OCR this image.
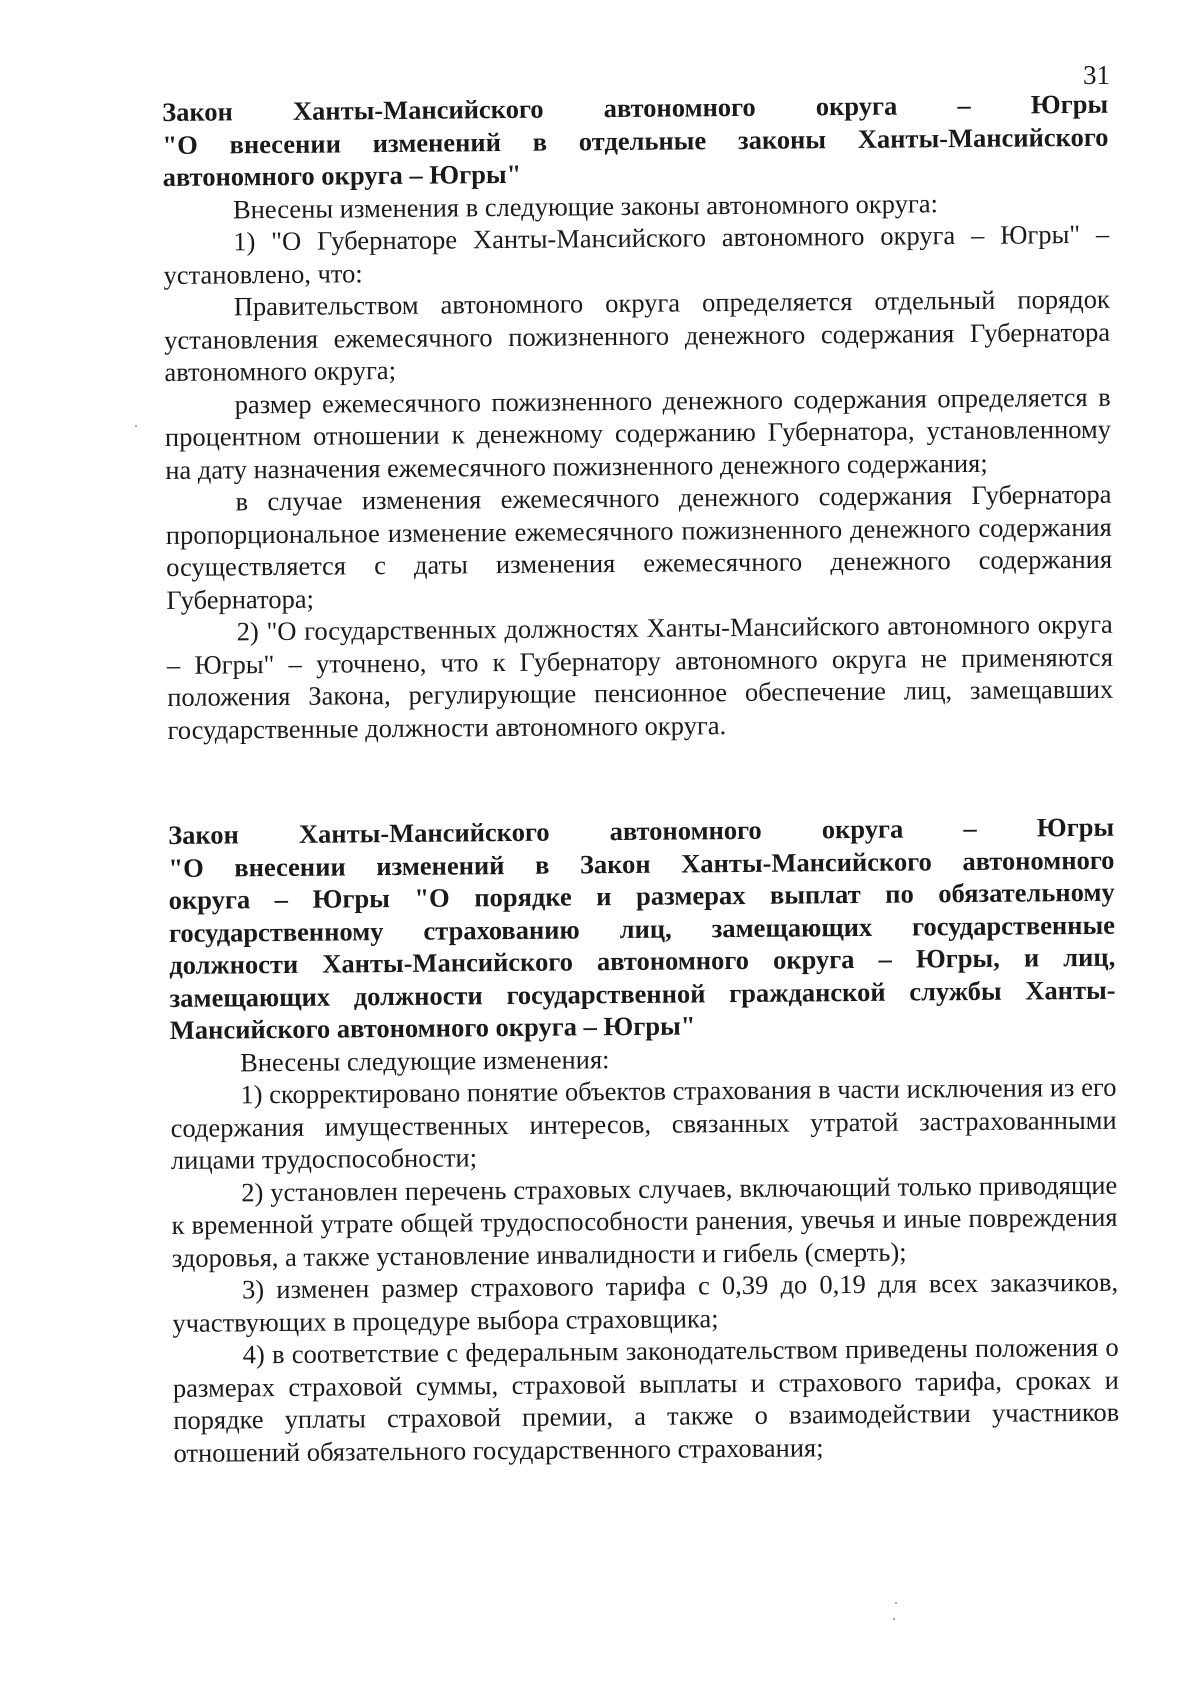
31
Закон Ханты-Мансийского автономного округа – Югры
"О внесении изменений в отдельные законы Ханты-Мансийского
автономного округа – Югры"

Внесены изменения в следующие законы автономного округа:

1) "О Губернаторе Ханты-Мансийского автономного округа – Югры" – установлено, что:

Правительством автономного округа определяется отдельный порядок установления ежемесячного пожизненного денежного содержания Губернатора автономного округа;

размер ежемесячного пожизненного денежного содержания определяется в процентном отношении к денежному содержанию Губернатора, установленному на дату назначения ежемесячного пожизненного денежного содержания;

в случае изменения ежемесячного денежного содержания Губернатора пропорциональное изменение ежемесячного пожизненного денежного содержания осуществляется с даты изменения ежемесячного денежного содержания Губернатора;

2) "О государственных должностях Ханты-Мансийского автономного округа – Югры" – уточнено, что к Губернатору автономного округа не применяются положения Закона, регулирующие пенсионное обеспечение лиц, замещавших государственные должности автономного округа.

Закон Ханты-Мансийского автономного округа – Югры
"О внесении изменений в Закон Ханты-Мансийского автономного
округа – Югры "О порядке и размерах выплат по обязательному
государственному страхованию лиц, замещающих государственные
должности Ханты-Мансийского автономного округа – Югры, и лиц,
замещающих должности государственной гражданской службы Ханты-
Мансийского автономного округа – Югры"

Внесены следующие изменения:

1) скорректировано понятие объектов страхования в части исключения из его содержания имущественных интересов, связанных утратой застрахованными лицами трудоспособности;

2) установлен перечень страховых случаев, включающий только приводящие к временной утрате общей трудоспособности ранения, увечья и иные повреждения здоровья, а также установление инвалидности и гибель (смерть);

3) изменен размер страхового тарифа с 0,39 до 0,19 для всех заказчиков, участвующих в процедуре выбора страховщика;

4) в соответствие с федеральным законодательством приведены положения о размерах страховой суммы, страховой выплаты и страхового тарифа, сроках и порядке уплаты страховой премии, а также о взаимодействии участников отношений обязательного государственного страхования;
